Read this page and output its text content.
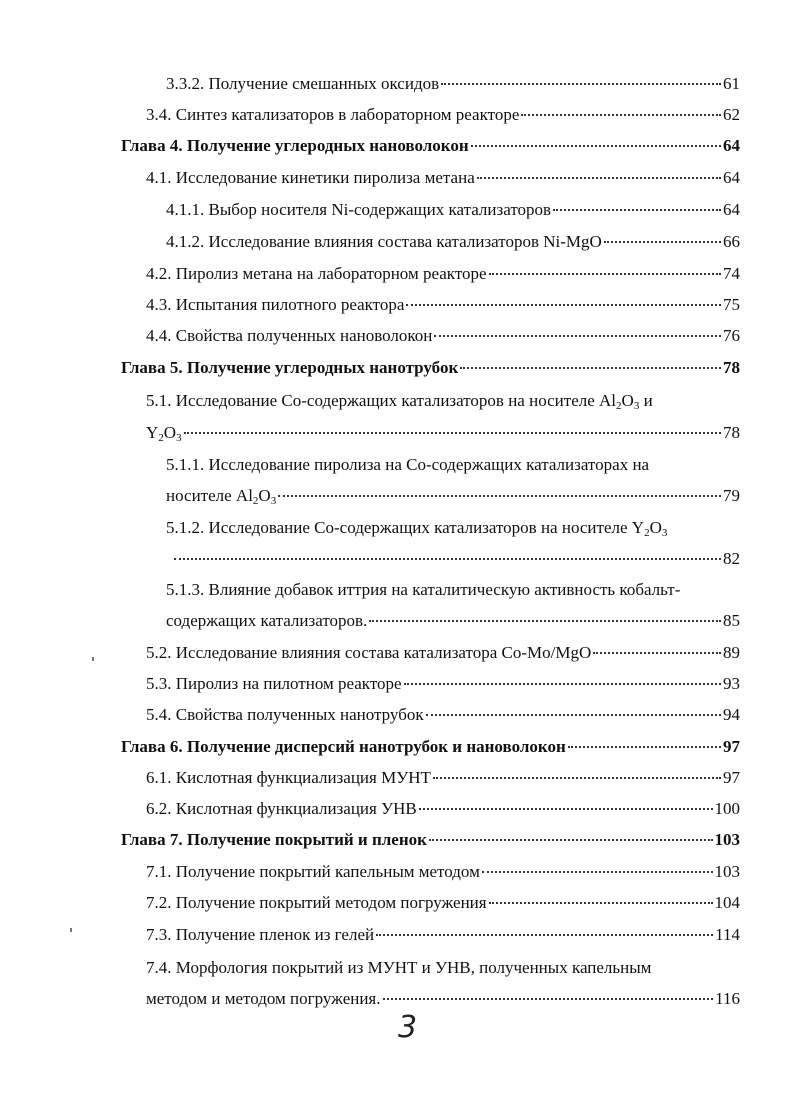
3.3.2. Получение смешанных оксидов	61
3.4. Синтез катализаторов в лабораторном реакторе	62
Глава 4. Получение углеродных нановолокон	64
4.1. Исследование кинетики пиролиза метана	64
4.1.1. Выбор носителя Ni-содержащих катализаторов	64
4.1.2. Исследование влияния состава катализаторов Ni-MgO	66
4.2. Пиролиз метана на лабораторном реакторе	74
4.3. Испытания пилотного реактора	75
4.4. Свойства полученных нановолокон	76
Глава 5. Получение углеродных нанотрубок	78
5.1. Исследование Со-содержащих катализаторов на носителе $Al_2O_3$ и
$Y_2O_3$	78
5.1.1. Исследование пиролиза на Со-содержащих катализаторах на
носителе $Al_2O_3$	79
5.1.2. Исследование Со-содержащих катализаторов на носителе $Y_2O_3$
82
5.1.3. Влияние добавок иттрия на каталитическую активность кобальт-
содержащих катализаторов.	85
5.2. Исследование влияния состава катализатора Со-Mo/MgO	89
5.3. Пиролиз на пилотном реакторе	93
5.4. Свойства полученных нанотрубок	94
Глава 6. Получение дисперсий нанотрубок и нановолокон	97
6.1. Кислотная функциализация МУНТ	97
6.2. Кислотная функциализация УНВ	100
Глава 7. Получение покрытий и пленок	103
7.1. Получение покрытий капельным методом	103
7.2. Получение покрытий методом погружения	104
7.3. Получение пленок из гелей	114
7.4. Морфология покрытий из МУНТ и УНВ, полученных капельным
методом и методом погружения.	116
3
